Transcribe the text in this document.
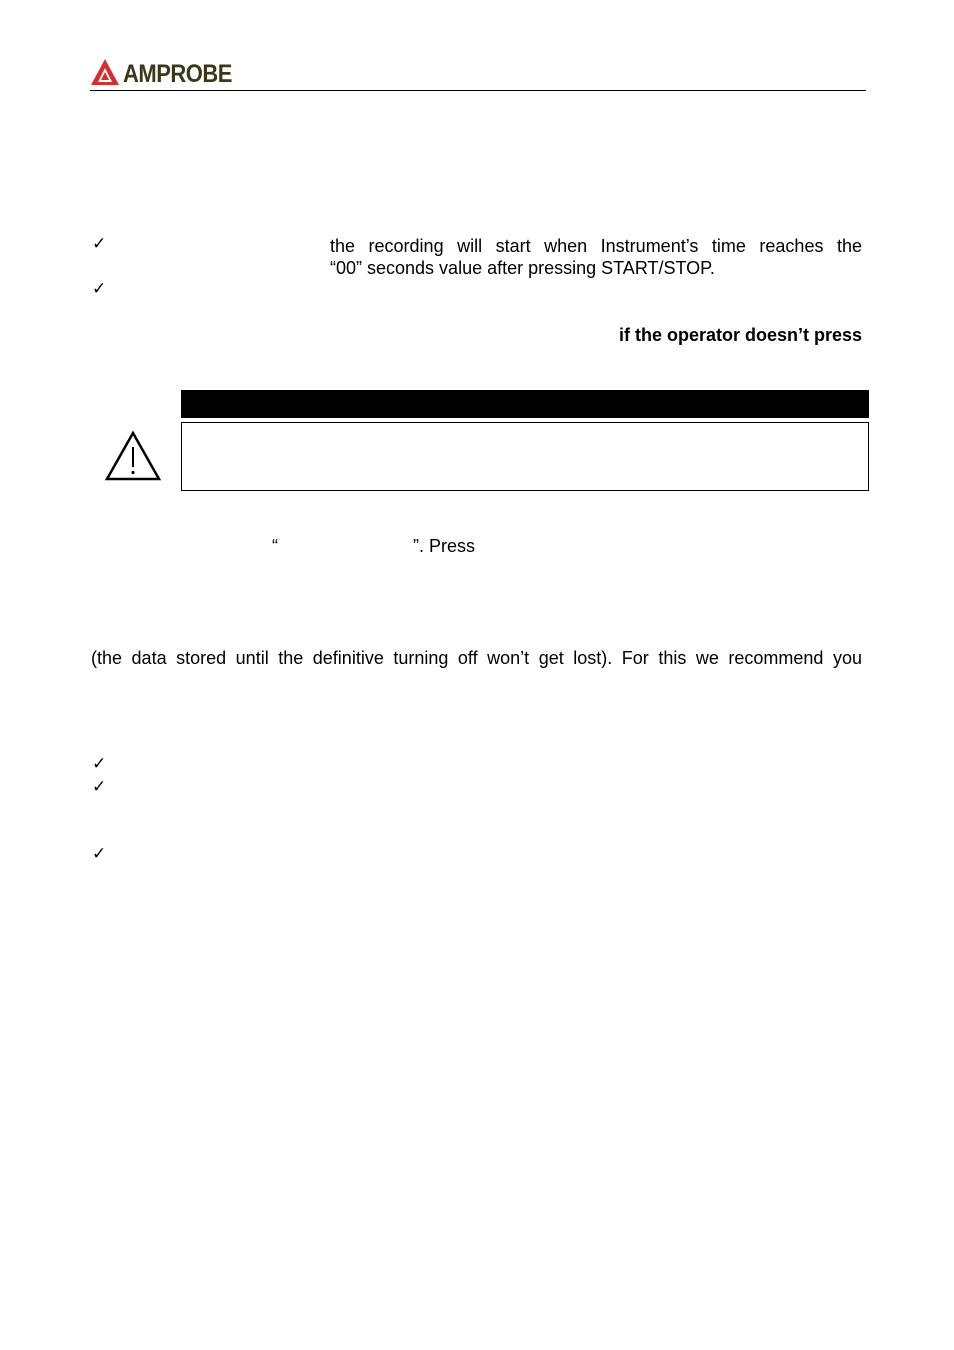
AMPROBE
✓	the recording will start when Instrument’s time reaches the
“00” seconds value after pressing START/STOP.
✓
if the operator doesn’t press
“	”. Press
(the data stored until the definitive turning off won’t get lost). For this we recommend you
✓
✓
✓
